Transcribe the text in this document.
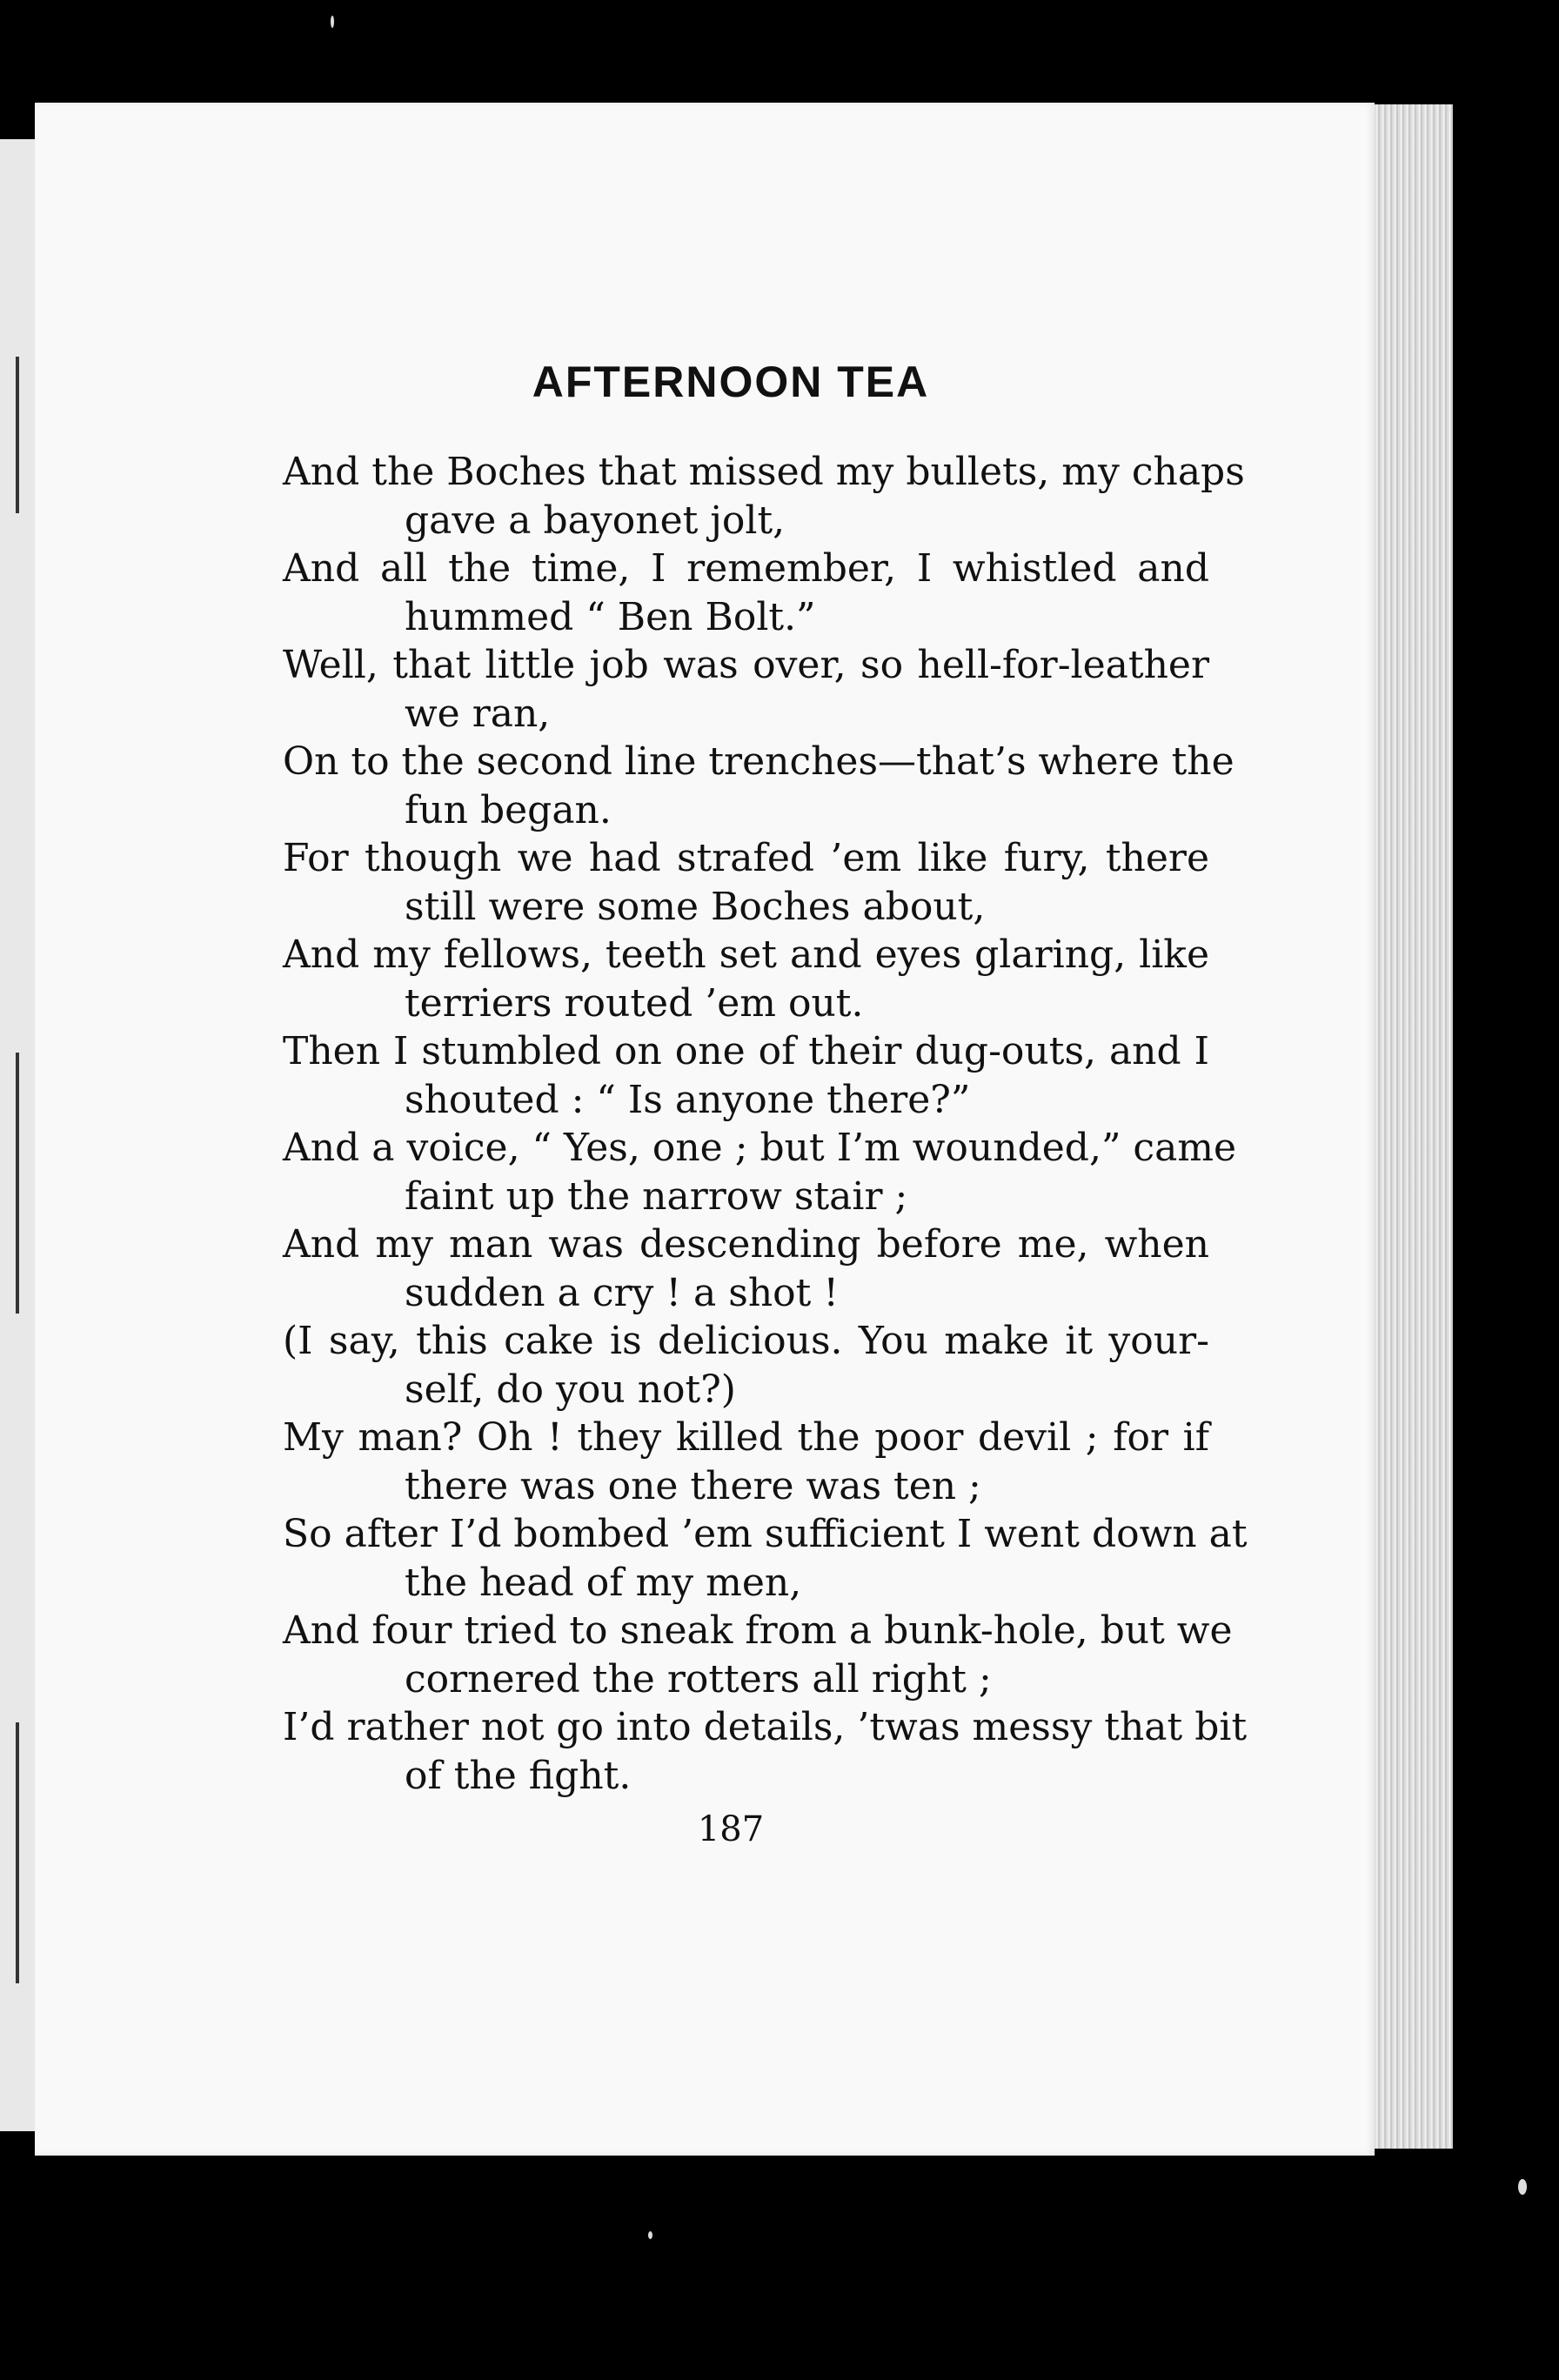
AFTERNOON TEA
And the Boches that missed my bullets, my chaps
gave a bayonet jolt,
And all the time, I remember, I whistled and
hummed “ Ben Bolt.”
Well, that little job was over, so hell-for-leather
we ran,
On to the second line trenches—that’s where the
fun began.
For though we had strafed ’em like fury, there
still were some Boches about,
And my fellows, teeth set and eyes glaring, like
terriers routed ’em out.
Then I stumbled on one of their dug-outs, and I
shouted : “ Is anyone there?”
And a voice, “ Yes, one ; but I’m wounded,” came
faint up the narrow stair ;
And my man was descending before me, when
sudden a cry ! a shot !
(I say, this cake is delicious. You make it your-
self, do you not?)
My man? Oh ! they killed the poor devil ; for if
there was one there was ten ;
So after I’d bombed ’em sufficient I went down at
the head of my men,
And four tried to sneak from a bunk-hole, but we
cornered the rotters all right ;
I’d rather not go into details, ’twas messy that bit
of the fight.
187
